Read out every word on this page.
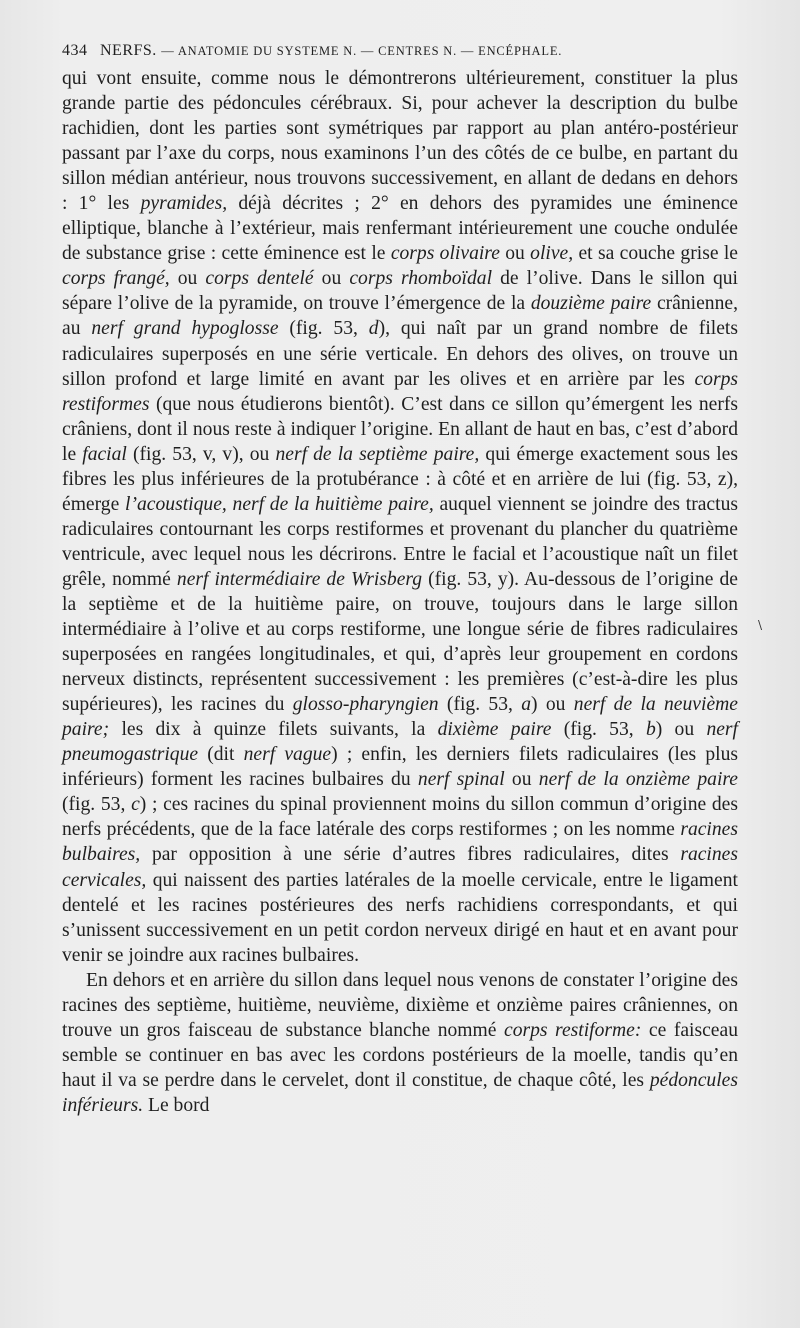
434 NERFS. — ANATOMIE DU SYSTEME N. — CENTRES N. — ENCÉPHALE.

qui vont ensuite, comme nous le démontrerons ultérieurement, constituer la plus grande partie des pédoncules cérébraux. Si, pour achever la description du bulbe rachidien, dont les parties sont symétriques par rapport au plan antéro-postérieur passant par l’axe du corps, nous examinons l’un des côtés de ce bulbe, en partant du sillon médian antérieur, nous trouvons successivement, en allant de dedans en dehors : 1° les pyramides, déjà décrites ; 2° en dehors des pyramides une éminence elliptique, blanche à l’extérieur, mais renfermant intérieurement une couche ondulée de substance grise : cette éminence est le corps olivaire ou olive, et sa couche grise le corps frangé, ou corps dentelé ou corps rhomboïdal de l’olive. Dans le sillon qui sépare l’olive de la pyramide, on trouve l’émergence de la douzième paire crânienne, au nerf grand hypoglosse (fig. 53, d), qui naît par un grand nombre de filets radiculaires superposés en une série verticale. En dehors des olives, on trouve un sillon profond et large limité en avant par les olives et en arrière par les corps restiformes (que nous étudierons bientôt). C’est dans ce sillon qu’émergent les nerfs crâniens, dont il nous reste à indiquer l’origine. En allant de haut en bas, c’est d’abord le facial (fig. 53, v, v), ou nerf de la septième paire, qui émerge exactement sous les fibres les plus inférieures de la protubérance : à côté et en arrière de lui (fig. 53, z), émerge l’acoustique, nerf de la huitième paire, auquel viennent se joindre des tractus radiculaires contournant les corps restiformes et provenant du plancher du quatrième ventricule, avec lequel nous les décrirons. Entre le facial et l’acoustique naît un filet grêle, nommé nerf intermédiaire de Wrisberg (fig. 53, y). Au-dessous de l’origine de la septième et de la huitième paire, on trouve, toujours dans le large sillon intermédiaire à l’olive et au corps restiforme, une longue série de fibres radiculaires superposées en rangées longitudinales, et qui, d’après leur groupement en cordons nerveux distincts, représentent successivement : les premières (c’est-à-dire les plus supérieures), les racines du glosso-pharyngien (fig. 53, a) ou nerf de la neuvième paire; les dix à quinze filets suivants, la dixième paire (fig. 53, b) ou nerf pneumogastrique (dit nerf vague) ; enfin, les derniers filets radiculaires (les plus inférieurs) forment les racines bulbaires du nerf spinal ou nerf de la onzième paire (fig. 53, c) ; ces racines du spinal proviennent moins du sillon commun d’origine des nerfs précédents, que de la face latérale des corps restiformes ; on les nomme racines bulbaires, par opposition à une série d’autres fibres radiculaires, dites racines cervicales, qui naissent des parties latérales de la moelle cervicale, entre le ligament dentelé et les racines postérieures des nerfs rachidiens correspondants, et qui s’unissent successivement en un petit cordon nerveux dirigé en haut et en avant pour venir se joindre aux racines bulbaires.

En dehors et en arrière du sillon dans lequel nous venons de constater l’origine des racines des septième, huitième, neuvième, dixième et onzième paires crâniennes, on trouve un gros faisceau de substance blanche nommé corps restiforme: ce faisceau semble se continuer en bas avec les cordons postérieurs de la moelle, tandis qu’en haut il va se perdre dans le cervelet, dont il constitue, de chaque côté, les pédoncules inférieurs. Le bord

\
